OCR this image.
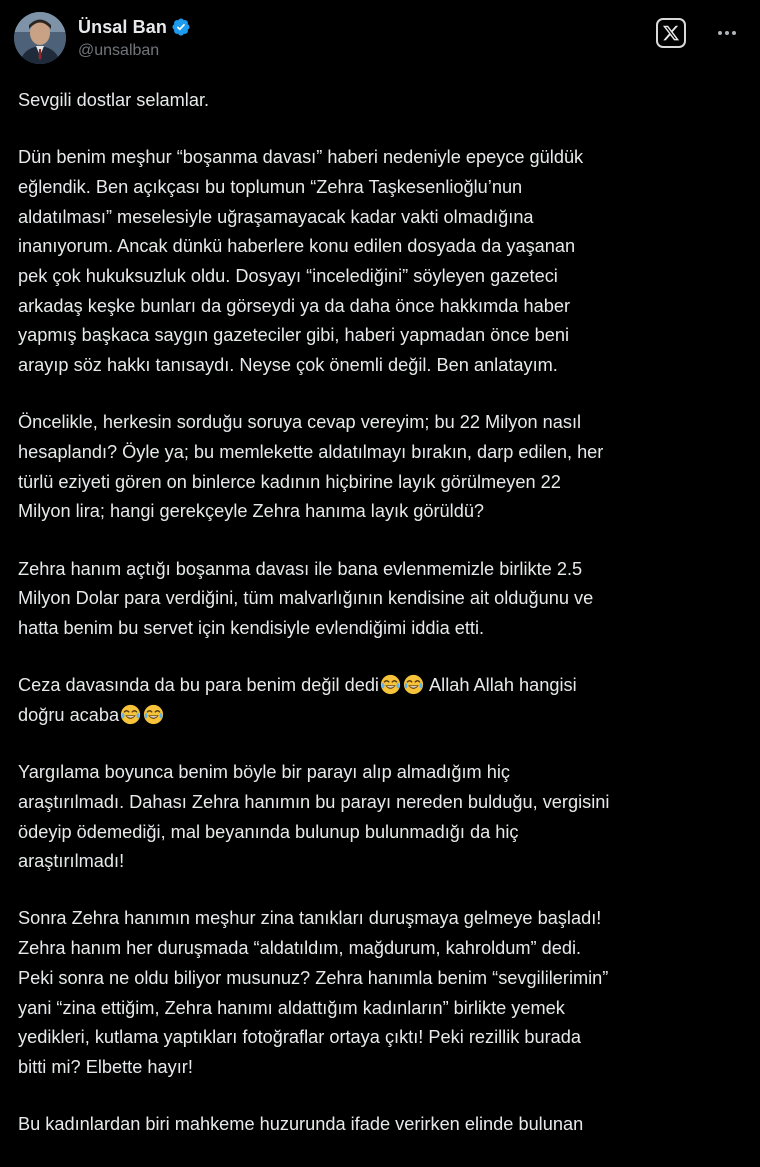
Ünsal Ban
@unsalban
Sevgili dostlar selamlar.
Dün benim meşhur “boşanma davası” haberi nedeniyle epeyce güldük
eğlendik. Ben açıkçası bu toplumun “Zehra Taşkesenlioğlu’nun
aldatılması” meselesiyle uğraşamayacak kadar vakti olmadığına
inanıyorum. Ancak dünkü haberlere konu edilen dosyada da yaşanan
pek çok hukuksuzluk oldu. Dosyayı “incelediğini” söyleyen gazeteci
arkadaş keşke bunları da görseydi ya da daha önce hakkımda haber
yapmış başkaca saygın gazeteciler gibi, haberi yapmadan önce beni
arayıp söz hakkı tanısaydı. Neyse çok önemli değil. Ben anlatayım.
Öncelikle, herkesin sorduğu soruya cevap vereyim; bu 22 Milyon nasıl
hesaplandı? Öyle ya; bu memlekette aldatılmayı bırakın, darp edilen, her
türlü eziyeti gören on binlerce kadının hiçbirine layık görülmeyen 22
Milyon lira; hangi gerekçeyle Zehra hanıma layık görüldü?
Zehra hanım açtığı boşanma davası ile bana evlenmemizle birlikte 2.5
Milyon Dolar para verdiğini, tüm malvarlığının kendisine ait olduğunu ve
hatta benim bu servet için kendisiyle evlendiğimi iddia etti.
Ceza davasında da bu para benim değil dedi	Allah Allah hangisi
doğru acaba
Yargılama boyunca benim böyle bir parayı alıp almadığım hiç
araştırılmadı. Dahası Zehra hanımın bu parayı nereden bulduğu, vergisini
ödeyip ödemediği, mal beyanında bulunup bulunmadığı da hiç
araştırılmadı!
Sonra Zehra hanımın meşhur zina tanıkları duruşmaya gelmeye başladı!
Zehra hanım her duruşmada “aldatıldım, mağdurum, kahroldum” dedi.
Peki sonra ne oldu biliyor musunuz? Zehra hanımla benim “sevgililerimin”
yani “zina ettiğim, Zehra hanımı aldattığım kadınların” birlikte yemek
yedikleri, kutlama yaptıkları fotoğraflar ortaya çıktı! Peki rezillik burada
bitti mi? Elbette hayır!
Bu kadınlardan biri mahkeme huzurunda ifade verirken elinde bulunan
